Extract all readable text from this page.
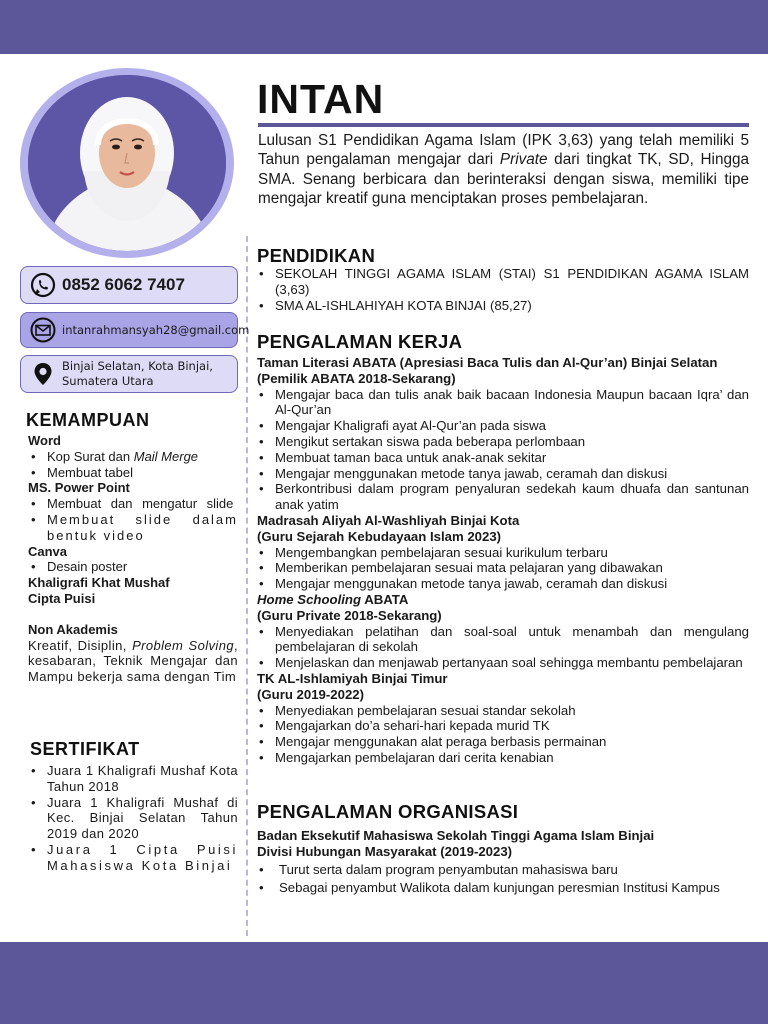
0852 6062 7407
intanrahmansyah28@gmail.com
Binjai Selatan, Kota Binjai,
Sumatera Utara
KEMAMPUAN
Word
• Kop Surat dan Mail Merge
• Membuat tabel
MS. Power Point
• Membuat dan mengatur slide
• Membuat slide dalam bentuk video
Canva
• Desain poster
Khaligrafi Khat Mushaf
Cipta Puisi
Non Akademis
Kreatif, Disiplin, Problem Solving, kesabaran, Teknik Mengajar dan Mampu bekerja sama dengan Tim
SERTIFIKAT
• Juara 1 Khaligrafi Mushaf Kota Tahun 2018
• Juara 1 Khaligrafi Mushaf di Kec. Binjai Selatan Tahun 2019 dan 2020
• Juara 1 Cipta Puisi Mahasiswa Kota Binjai
INTAN
Lulusan S1 Pendidikan Agama Islam (IPK 3,63) yang telah memiliki 5 Tahun pengalaman mengajar dari Private dari tingkat TK, SD, Hingga SMA. Senang berbicara dan berinteraksi dengan siswa, memiliki tipe mengajar kreatif guna menciptakan proses pembelajaran.
PENDIDIKAN
• SEKOLAH TINGGI AGAMA ISLAM (STAI) S1 PENDIDIKAN AGAMA ISLAM (3,63)
• SMA AL-ISHLAHIYAH KOTA BINJAI (85,27)
PENGALAMAN KERJA
Taman Literasi ABATA (Apresiasi Baca Tulis dan Al-Qur’an) Binjai Selatan
(Pemilik ABATA 2018-Sekarang)
• Mengajar baca dan tulis anak baik bacaan Indonesia Maupun bacaan Iqra’ dan Al-Qur’an
• Mengajar Khaligrafi ayat Al-Qur’an pada siswa
• Mengikut sertakan siswa pada beberapa perlombaan
• Membuat taman baca untuk anak-anak sekitar
• Mengajar menggunakan metode tanya jawab, ceramah dan diskusi
• Berkontribusi dalam program penyaluran sedekah kaum dhuafa dan santunan anak yatim
Madrasah Aliyah Al-Washliyah Binjai Kota
(Guru Sejarah Kebudayaan Islam 2023)
• Mengembangkan pembelajaran sesuai kurikulum terbaru
• Memberikan pembelajaran sesuai mata pelajaran yang dibawakan
• Mengajar menggunakan metode tanya jawab, ceramah dan diskusi
Home Schooling ABATA
(Guru Private 2018-Sekarang)
• Menyediakan pelatihan dan soal-soal untuk menambah dan mengulang pembelajaran di sekolah
• Menjelaskan dan menjawab pertanyaan soal sehingga membantu pembelajaran
TK AL-Ishlamiyah Binjai Timur
(Guru 2019-2022)
• Menyediakan pembelajaran sesuai standar sekolah
• Mengajarkan do’a sehari-hari kepada murid TK
• Mengajar menggunakan alat peraga berbasis permainan
• Mengajarkan pembelajaran dari cerita kenabian
PENGALAMAN ORGANISASI
Badan Eksekutif Mahasiswa Sekolah Tinggi Agama Islam Binjai
Divisi Hubungan Masyarakat (2019-2023)
• Turut serta dalam program penyambutan mahasiswa baru
• Sebagai penyambut Walikota dalam kunjungan peresmian Institusi Kampus
